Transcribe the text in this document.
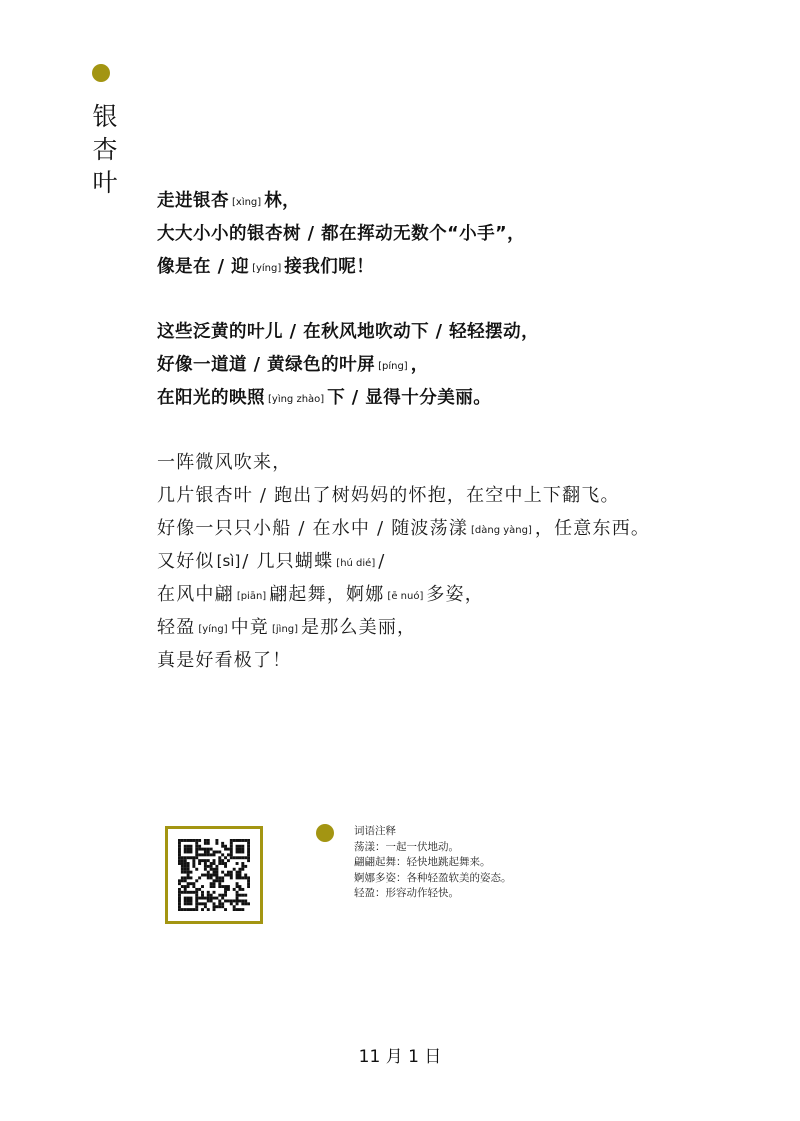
银
杏
叶
走进银杏 [xìng] 林，
大大小小的银杏树 / 都在挥动无数个“小手”，
像是在 / 迎 [yíng] 接我们呢！
这些泛黄的叶儿 / 在秋风地吹动下 / 轻轻摆动，
好像一道道 / 黄绿色的叶屏 [píng] ，
在阳光的映照 [yìng zhào] 下 / 显得十分美丽。
一阵微风吹来，
几片银杏叶 / 跑出了树妈妈的怀抱，在空中上下翻飞。
好像一只只小船 / 在水中 / 随波荡漾 [dàng yàng] ，任意东西。
又好似 [sì] / 几只蝴蝶 [hú dié] /
在风中翩 [piān] 翩起舞，婀娜 [ē nuó] 多姿，
轻盈 [yíng] 中竟 [jìng] 是那么美丽，
真是好看极了！
词语注释
荡漾：一起一伏地动。
翩翩起舞：轻快地跳起舞来。
婀娜多姿：各种轻盈软美的姿态。
轻盈：形容动作轻快。
11 月 1 日
